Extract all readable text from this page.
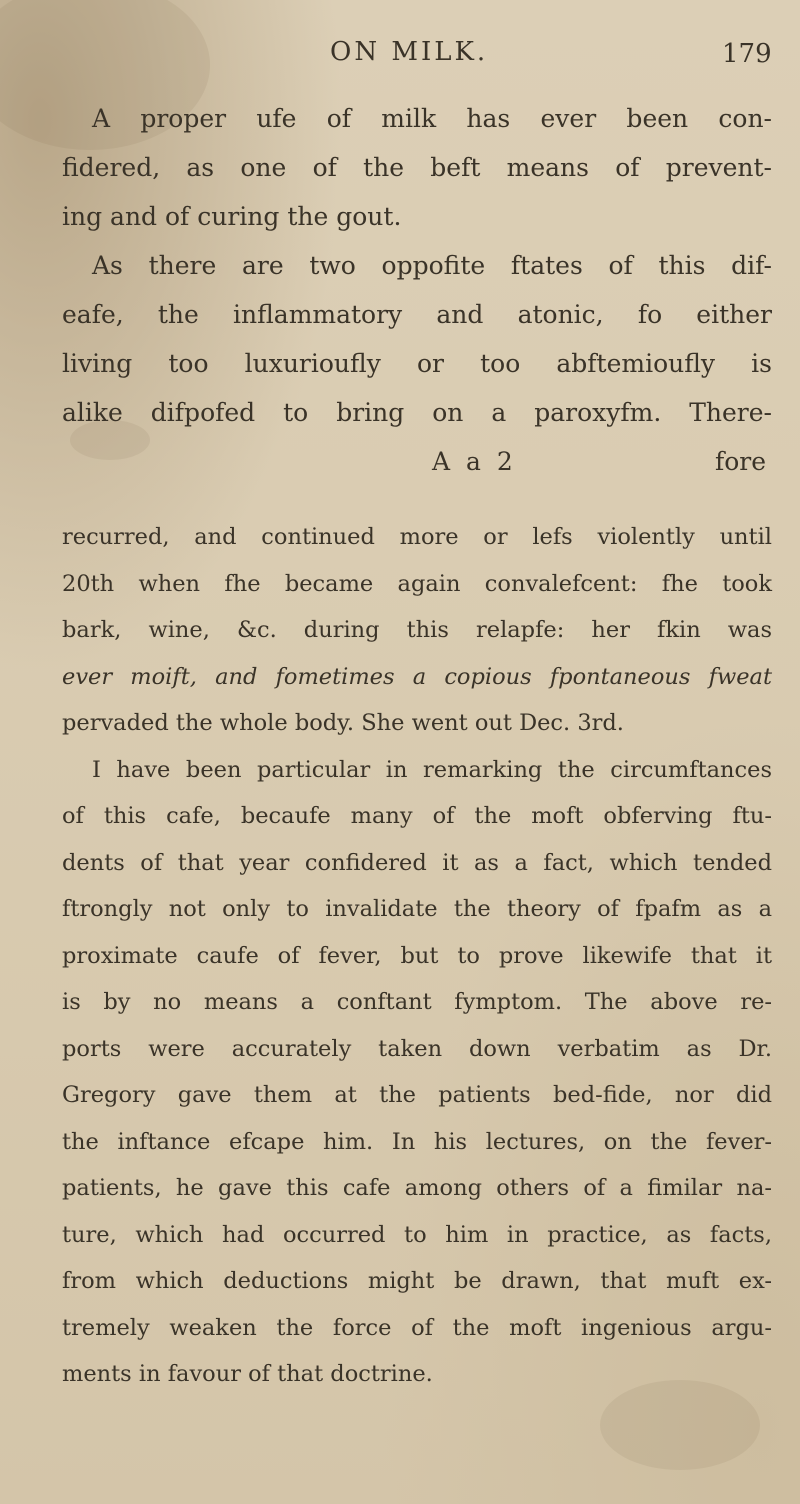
ON MILK.	179
A proper ufe of milk has ever been con-
fidered, as one of the beft means of prevent-
ing and of curing the gout.
As there are two oppofite ftates of this dif-
eafe, the inflammatory and atonic, fo either
living too luxurioufly or too abftemioufly is
alike difpofed to bring on a paroxyfm. There-
A a 2	fore
recurred, and continued more or lefs violently until
20th when fhe became again convalefcent: fhe took
bark, wine, &c. during this relapfe: her fkin was
ever moift, and fometimes a copious fpontaneous fweat
pervaded the whole body. She went out Dec. 3rd.
I have been particular in remarking the circumftances
of this cafe, becaufe many of the moft obferving ftu-
dents of that year confidered it as a fact, which tended
ftrongly not only to invalidate the theory of fpafm as a
proximate caufe of fever, but to prove likewife that it
is by no means a conftant fymptom. The above re-
ports were accurately taken down verbatim as Dr.
Gregory gave them at the patients bed-fide, nor did
the inftance efcape him. In his lectures, on the fever-
patients, he gave this cafe among others of a fimilar na-
ture, which had occurred to him in practice, as facts,
from which deductions might be drawn, that muft ex-
tremely weaken the force of the moft ingenious argu-
ments in favour of that doctrine.
